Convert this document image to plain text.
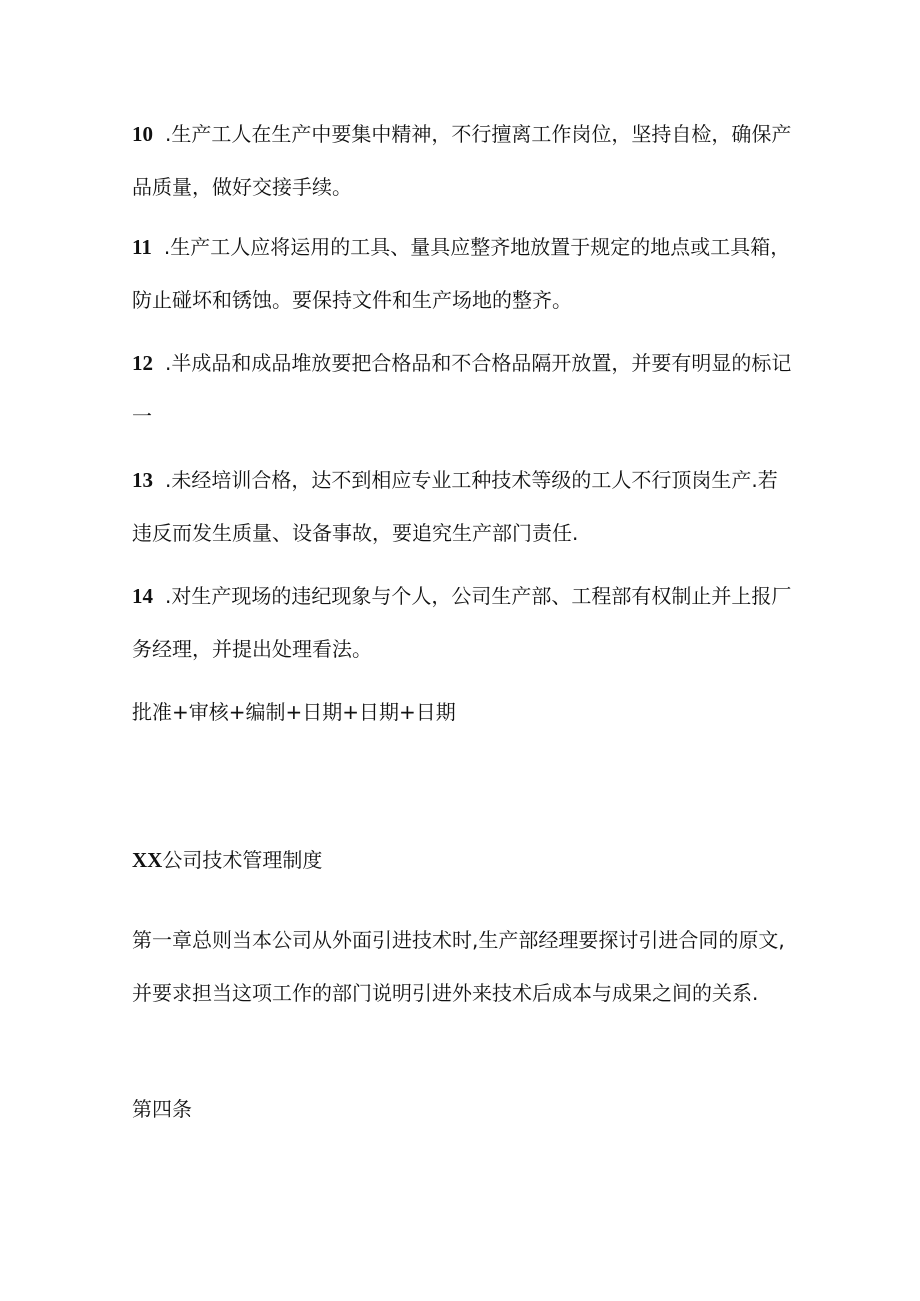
10 .生产工人在生产中要集中精神，不行擅离工作岗位，坚持自检，确保产品质量，做好交接手续。

11 .生产工人应将运用的工具、量具应整齐地放置于规定的地点或工具箱，防止碰坏和锈蚀。要保持文件和生产场地的整齐。

12 .半成品和成品堆放要把合格品和不合格品隔开放置，并要有明显的标记一

13 .未经培训合格，达不到相应专业工种技术等级的工人不行顶岗生产.若违反而发生质量、设备事故，要追究生产部门责任.

14 .对生产现场的违纪现象与个人，公司生产部、工程部有权制止并上报厂务经理，并提出处理看法。

批准+审核+编制+日期+日期+日期

XX公司技术管理制度

第一章总则当本公司从外面引进技术时,生产部经理要探讨引进合同的原文,并要求担当这项工作的部门说明引进外来技术后成本与成果之间的关系.

第四条
